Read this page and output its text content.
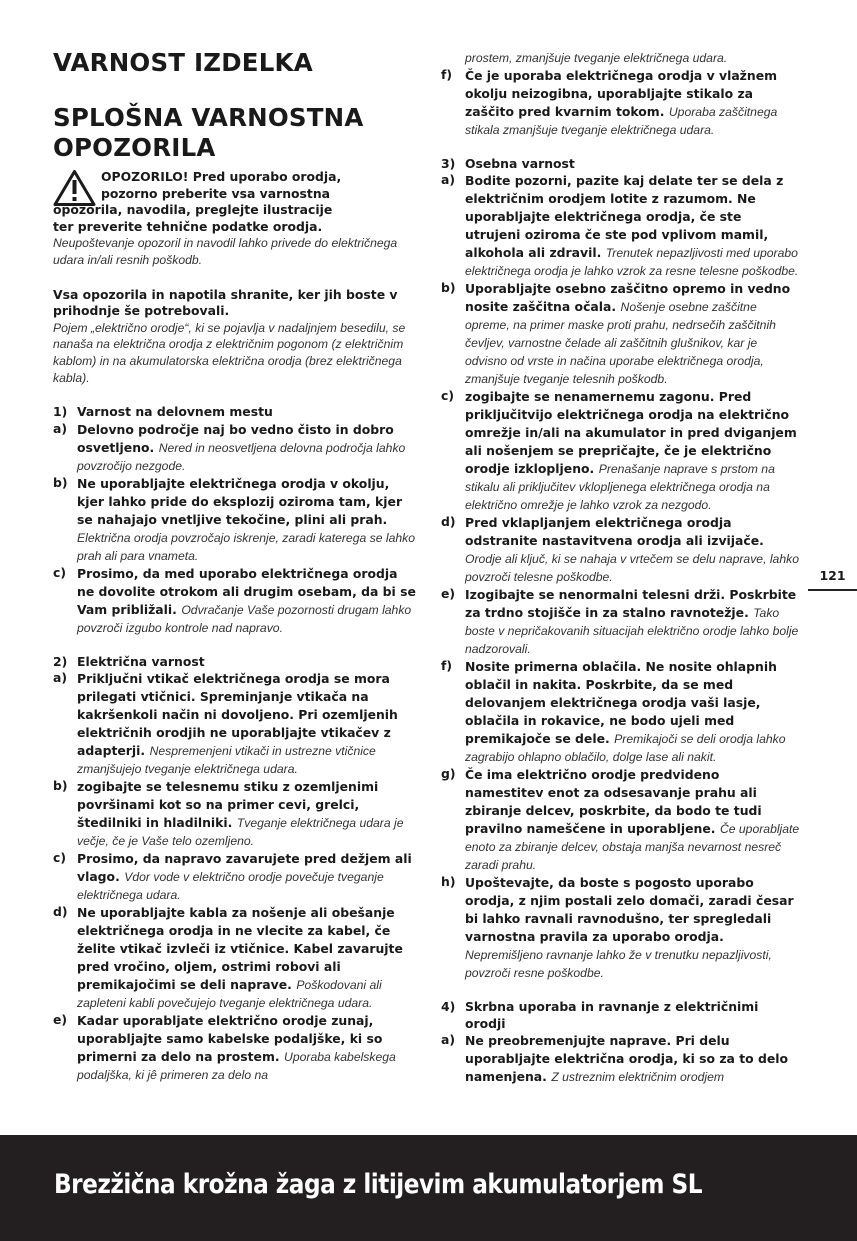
VARNOST IZDELKA
SPLOŠNA VARNOSTNA
OPOZORILA
OPOZORILO! Pred uporabo orodja,
pozorno preberite vsa varnostna
opozorila, navodila, preglejte ilustracije
ter preverite tehnične podatke orodja.
Neupoštevanje opozoril in navodil lahko privede do električnega udara in/ali resnih poškodb.
Vsa opozorila in napotila shranite, ker jih boste v prihodnje še potrebovali.
Pojem „električno orodje“, ki se pojavlja v nadaljnjem besedilu, se nanaša na električna orodja z električnim pogonom (z električnim kablom) in na akumulatorska električna orodja (brez električnega kabla).
1) Varnost na delovnem mestu
a) Delovno področje naj bo vedno čisto in dobro osvetljeno. Nered in neosvetljena delovna področja lahko povzročijo nezgode.
b) Ne uporabljajte električnega orodja v okolju, kjer lahko pride do eksplozij oziroma tam, kjer se nahajajo vnetljive tekočine, plini ali prah. Električna orodja povzročajo iskrenje, zaradi katerega se lahko prah ali para vnameta.
c) Prosimo, da med uporabo električnega orodja ne dovolite otrokom ali drugim osebam, da bi se Vam približali. Odvračanje Vaše pozornosti drugam lahko povzroči izgubo kontrole nad napravo.
2) Električna varnost
a) Priključni vtikač električnega orodja se mora prilegati vtičnici. Spreminjanje vtikača na kakršenkoli način ni dovoljeno. Pri ozemljenih električnih orodjih ne uporabljajte vtikačev z adapterji. Nespremenjeni vtikači in ustrezne vtičnice zmanjšujejo tveganje električnega udara.
b) zogibajte se telesnemu stiku z ozemljenimi površinami kot so na primer cevi, grelci, štedilniki in hladilniki. Tveganje električnega udara je večje, če je Vaše telo ozemljeno.
c) Prosimo, da napravo zavarujete pred dežjem ali vlago. Vdor vode v električno orodje povečuje tveganje električnega udara.
d) Ne uporabljajte kabla za nošenje ali obešanje električnega orodja in ne vlecite za kabel, če želite vtikač izvleči iz vtičnice. Kabel zavarujte pred vročino, oljem, ostrimi robovi ali premikajočimi se deli naprave. Poškodovani ali zapleteni kabli povečujejo tveganje električnega udara.
e) Kadar uporabljate električno orodje zunaj, uporabljajte samo kabelske podaljške, ki so primerni za delo na prostem. Uporaba kabelskega podaljška, ki jê primeren za delo na
prostem, zmanjšuje tveganje električnega udara.
f) Če je uporaba električnega orodja v vlažnem okolju neizogibna, uporabljajte stikalo za zaščito pred kvarnim tokom. Uporaba zaščitnega stikala zmanjšuje tveganje električnega udara.
3) Osebna varnost
a) Bodite pozorni, pazite kaj delate ter se dela z električnim orodjem lotite z razumom. Ne uporabljajte električnega orodja, če ste utrujeni oziroma če ste pod vplivom mamil, alkohola ali zdravil. Trenutek nepazljivosti med uporabo električnega orodja je lahko vzrok za resne telesne poškodbe.
b) Uporabljajte osebno zaščitno opremo in vedno nosite zaščitna očala. Nošenje osebne zaščitne opreme, na primer maske proti prahu, nedrsečih zaščitnih čevljev, varnostne čelade ali zaščitnih glušnikov, kar je odvisno od vrste in načina uporabe električnega orodja, zmanjšuje tveganje telesnih poškodb.
c) zogibajte se nenamernemu zagonu. Pred priključitvijo električnega orodja na električno omrežje in/ali na akumulator in pred dviganjem ali nošenjem se prepričajte, če je električno orodje izklopljeno. Prenašanje naprave s prstom na stikalu ali priključitev vklopljenega električnega orodja na električno omrežje je lahko vzrok za nezgodo.
d) Pred vklapljanjem električnega orodja odstranite nastavitvena orodja ali izvijače. Orodje ali ključ, ki se nahaja v vrtečem se delu naprave, lahko povzroči telesne poškodbe.
e) Izogibajte se nenormalni telesni drži. Poskrbite za trdno stojišče in za stalno ravnotežje. Tako boste v nepričakovanih situacijah električno orodje lahko bolje nadzorovali.
f) Nosite primerna oblačila. Ne nosite ohlapnih oblačil in nakita. Poskrbite, da se med delovanjem električnega orodja vaši lasje, oblačila in rokavice, ne bodo ujeli med premikajoče se dele. Premikajoči se deli orodja lahko zagrabijo ohlapno oblačilo, dolge lase ali nakit.
g) Če ima električno orodje predvideno namestitev enot za odsesavanje prahu ali zbiranje delcev, poskrbite, da bodo te tudi pravilno nameščene in uporabljene. Če uporabljate enoto za zbiranje delcev, obstaja manjša nevarnost nesreč zaradi prahu.
h) Upoštevajte, da boste s pogosto uporabo orodja, z njim postali zelo domači, zaradi česar bi lahko ravnali ravnodušno, ter spregledali varnostna pravila za uporabo orodja. Nepremišljeno ravnanje lahko že v trenutku nepazljivosti, povzroči resne poškodbe.
4) Skrbna uporaba in ravnanje z električnimi orodji
a) Ne preobremenjujte naprave. Pri delu uporabljajte električna orodja, ki so za to delo namenjena. Z ustreznim električnim orodjem
121
Brezžična krožna žaga z litijevim akumulatorjem SL
